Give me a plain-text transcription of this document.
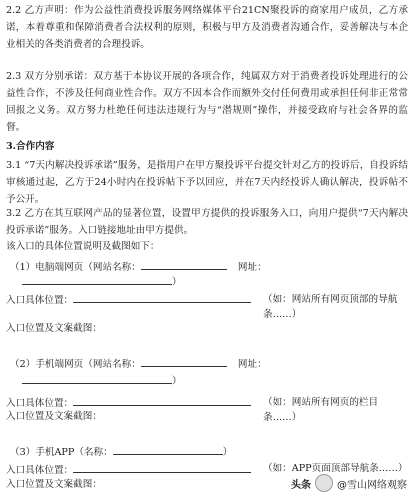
2.2 乙方声明：作为公益性消费投诉服务网络媒体平台21CN聚投诉的商家用户成员，乙方承诺，本着尊重和保障消费者合法权利的原则，积极与甲方及消费者沟通合作，妥善解决与本企业相关的各类消费者的合理投诉。
2.3 双方分别承诺：双方基于本协议开展的各项合作，纯属双方对于消费者投诉处理进行的公益性合作，不涉及任何商业性合作。双方不因本合作而额外交付任何费用或承担任何非正常常回报之义务。双方努力杜绝任何违法违规行为与“潜规则”操作，并接受政府与社会各界的监督。
3.合作内容
3.1 “7天内解决投诉承诺”服务，是指用户在甲方聚投诉平台提交针对乙方的投诉后，自投诉结审核通过起，乙方于24小时内在投诉帖下予以回应，并在7天内经投诉人确认解决，投诉帖不予公开。
3.2 乙方在其互联网产品的显著位置，设置甲方提供的投诉服务入口，向用户提供“7天内解决投诉承诺”服务。入口链接地址由甲方提供。
该入口的具体位置说明及截图如下：
（1）电脑端网页（网站名称：	网址：
）
入口具体位置：	（如：网站所有网页顶部的导航条……）
入口位置及文案截图：
（2）手机端网页（网站名称：	网址：
）
入口具体位置：	（如：网站所有网页的栏目条……）
入口位置及文案截图：
（3）手机APP（名称：	）
入口具体位置：	（如：APP页面顶部导航条……）
入口位置及文案截图：	头条	@雪山网络观察
